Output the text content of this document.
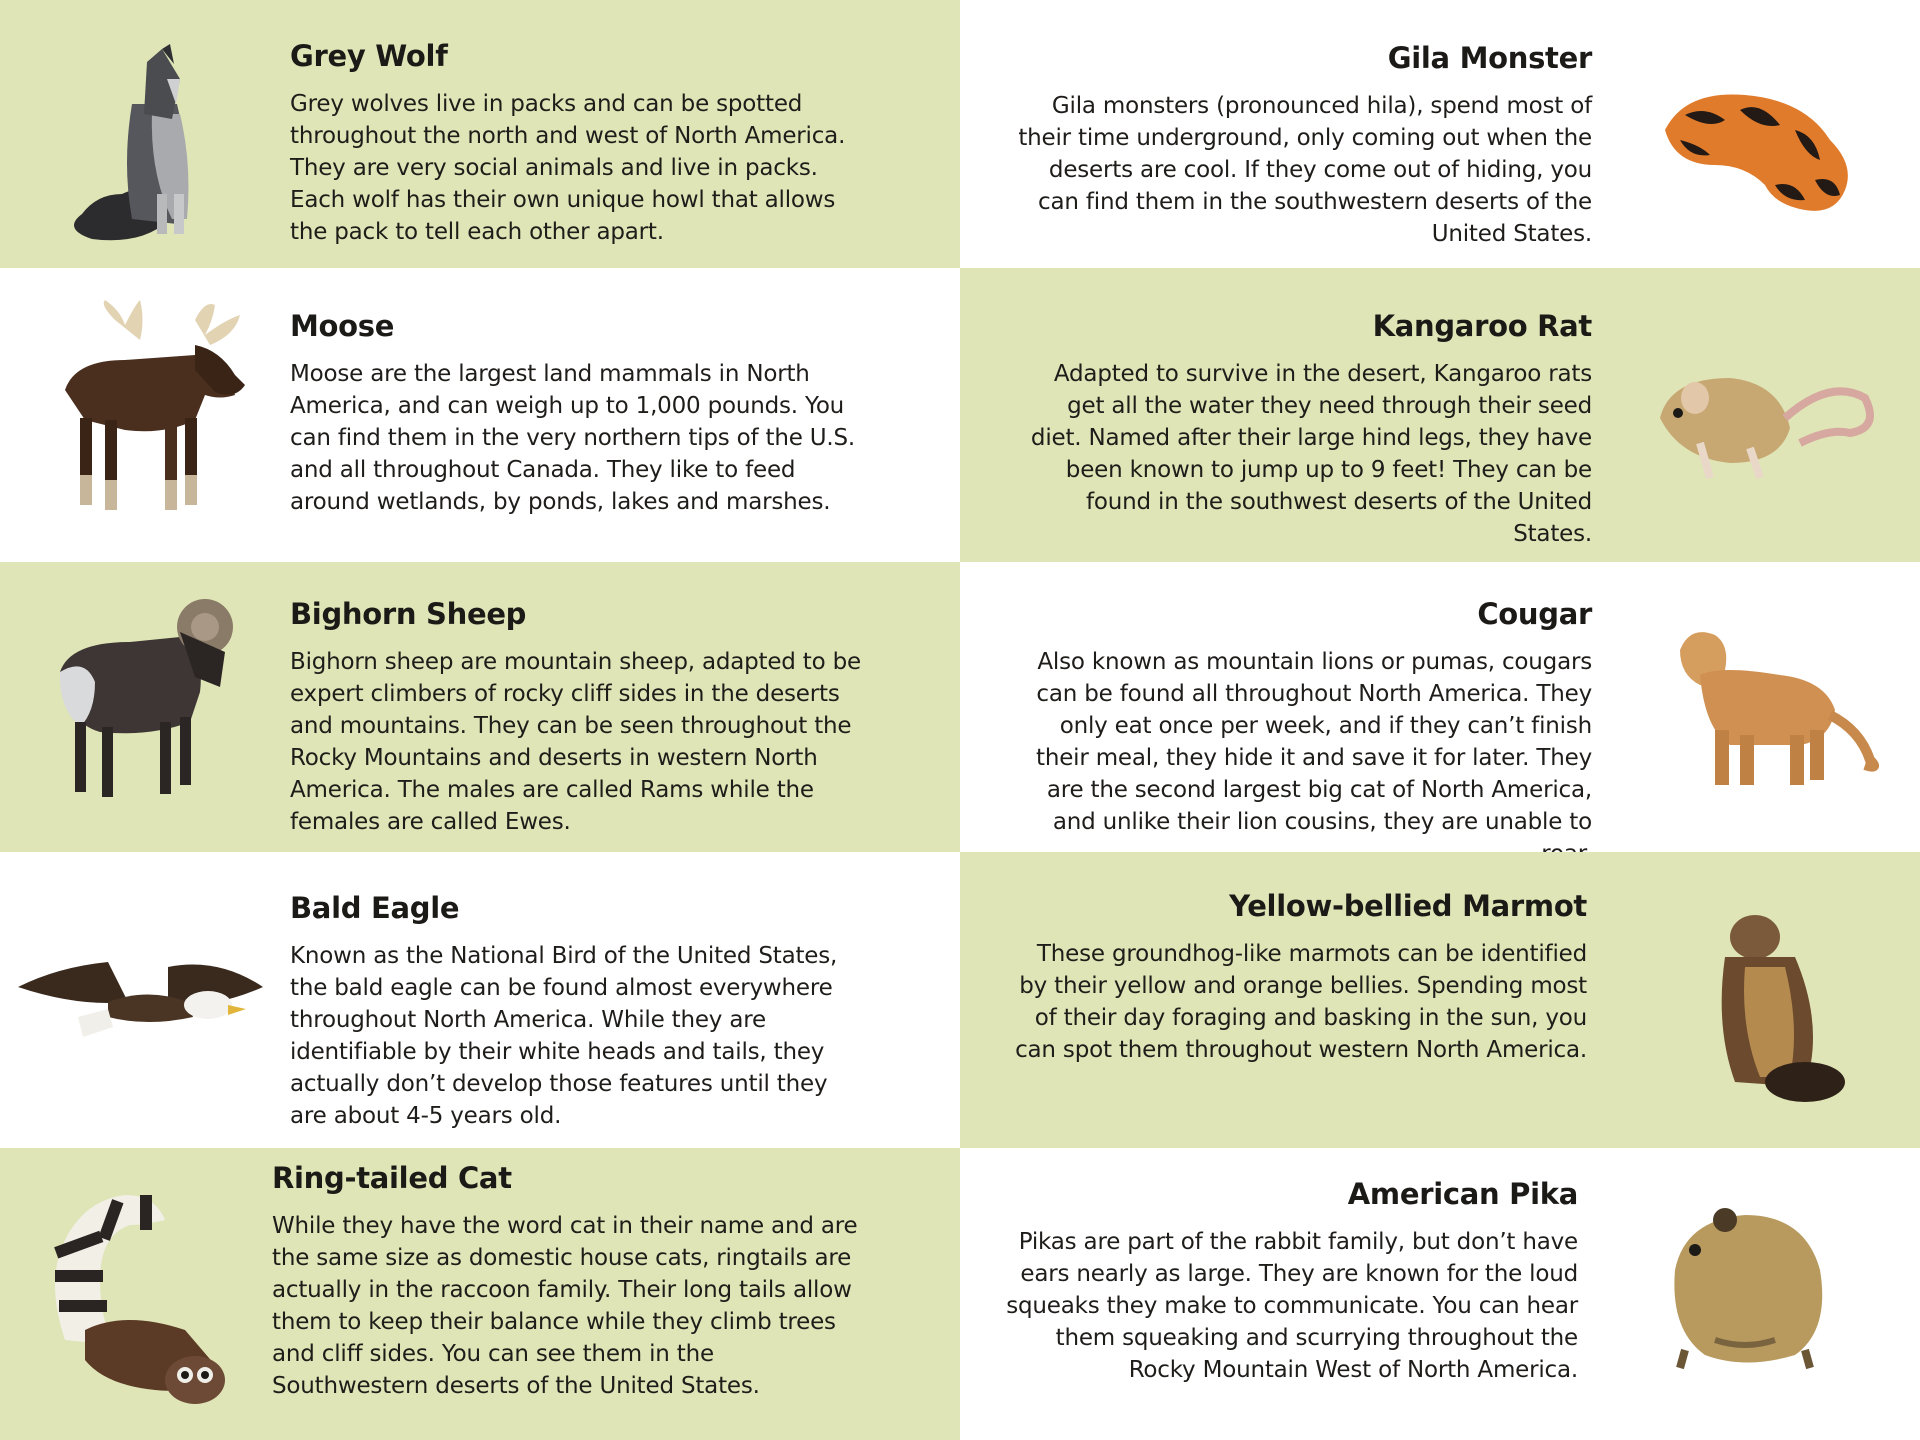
Grey Wolf

Grey wolves live in packs and can be spotted throughout the north and west of North America. They are very social animals and live in packs. Each wolf has their own unique howl that allows the pack to tell each other apart.

Moose

Moose are the largest land mammals in North America, and can weigh up to 1,000 pounds. You can find them in the very northern tips of the U.S. and all throughout Canada. They like to feed around wetlands, by ponds, lakes and marshes.

Bighorn Sheep

Bighorn sheep are mountain sheep, adapted to be expert climbers of rocky cliff sides in the deserts and mountains. They can be seen throughout the Rocky Mountains and deserts in western North America. The males are called Rams while the females are called Ewes.

Bald Eagle

Known as the National Bird of the United States, the bald eagle can be found almost everywhere throughout North America. While they are identifiable by their white heads and tails, they actually don’t develop those features until they are about 4-5 years old.

Ring-tailed Cat

While they have the word cat in their name and are the same size as domestic house cats, ringtails are actually in the raccoon family. Their long tails allow them to keep their balance while they climb trees and cliff sides. You can see them in the Southwestern deserts of the United States.

Gila Monster

Gila monsters (pronounced hila), spend most of their time underground, only coming out when the deserts are cool. If they come out of hiding, you can find them in the southwestern deserts of the United States.

Kangaroo Rat

Adapted to survive in the desert, Kangaroo rats get all the water they need through their seed diet. Named after their large hind legs, they have been known to jump up to 9 feet! They can be found in the southwest deserts of the United States.

Cougar

Also known as mountain lions or pumas, cougars can be found all throughout North America. They only eat once per week, and if they can’t finish their meal, they hide it and save it for later. They are the second largest big cat of North America, and unlike their lion cousins, they are unable to

Yellow-bellied Marmot

These groundhog-like marmots can be identified by their yellow and orange bellies. Spending most of their day foraging and basking in the sun, you can spot them throughout western North America.

American Pika

Pikas are part of the rabbit family, but don’t have ears nearly as large. They are known for the loud squeaks they make to communicate. You can hear them squeaking and scurrying throughout the Rocky Mountain West of North America.
